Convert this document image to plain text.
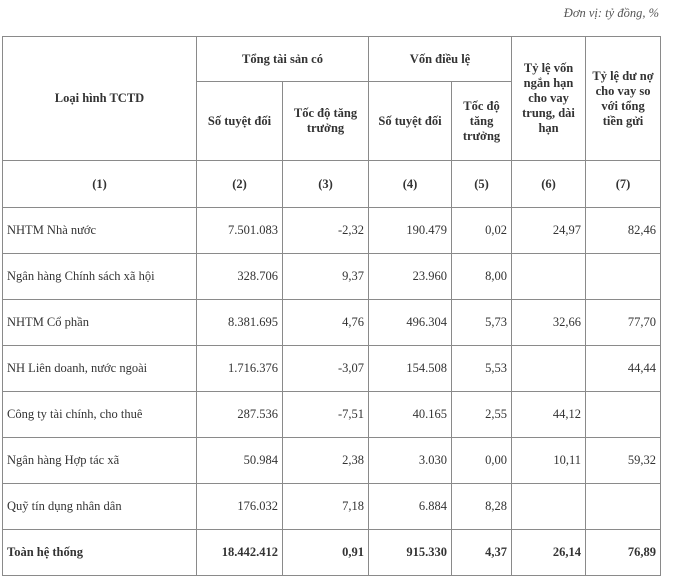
Đơn vị: tỷ đồng, %
Loại hình TCTD	Tổng tài sản có		Vốn điều lệ		Tỷ lệ vốn ngắn hạn cho vay trung, dài hạn	Tỷ lệ dư nợ cho vay so với tổng tiền gửi
	Số tuyệt đối	Tốc độ tăng trưởng	Số tuyệt đối	Tốc độ tăng trưởng		
(1)	(2)	(3)	(4)	(5)	(6)	(7)
NHTM Nhà nước	7.501.083	-2,32	190.479	0,02	24,97	82,46
Ngân hàng Chính sách xã hội	328.706	9,37	23.960	8,00		
NHTM Cổ phần	8.381.695	4,76	496.304	5,73	32,66	77,70
NH Liên doanh, nước ngoài	1.716.376	-3,07	154.508	5,53		44,44
Công ty tài chính, cho thuê	287.536	-7,51	40.165	2,55	44,12	
Ngân hàng Hợp tác xã	50.984	2,38	3.030	0,00	10,11	59,32
Quỹ tín dụng nhân dân	176.032	7,18	6.884	8,28		
Toàn hệ thống	18.442.412	0,91	915.330	4,37	26,14	76,89
